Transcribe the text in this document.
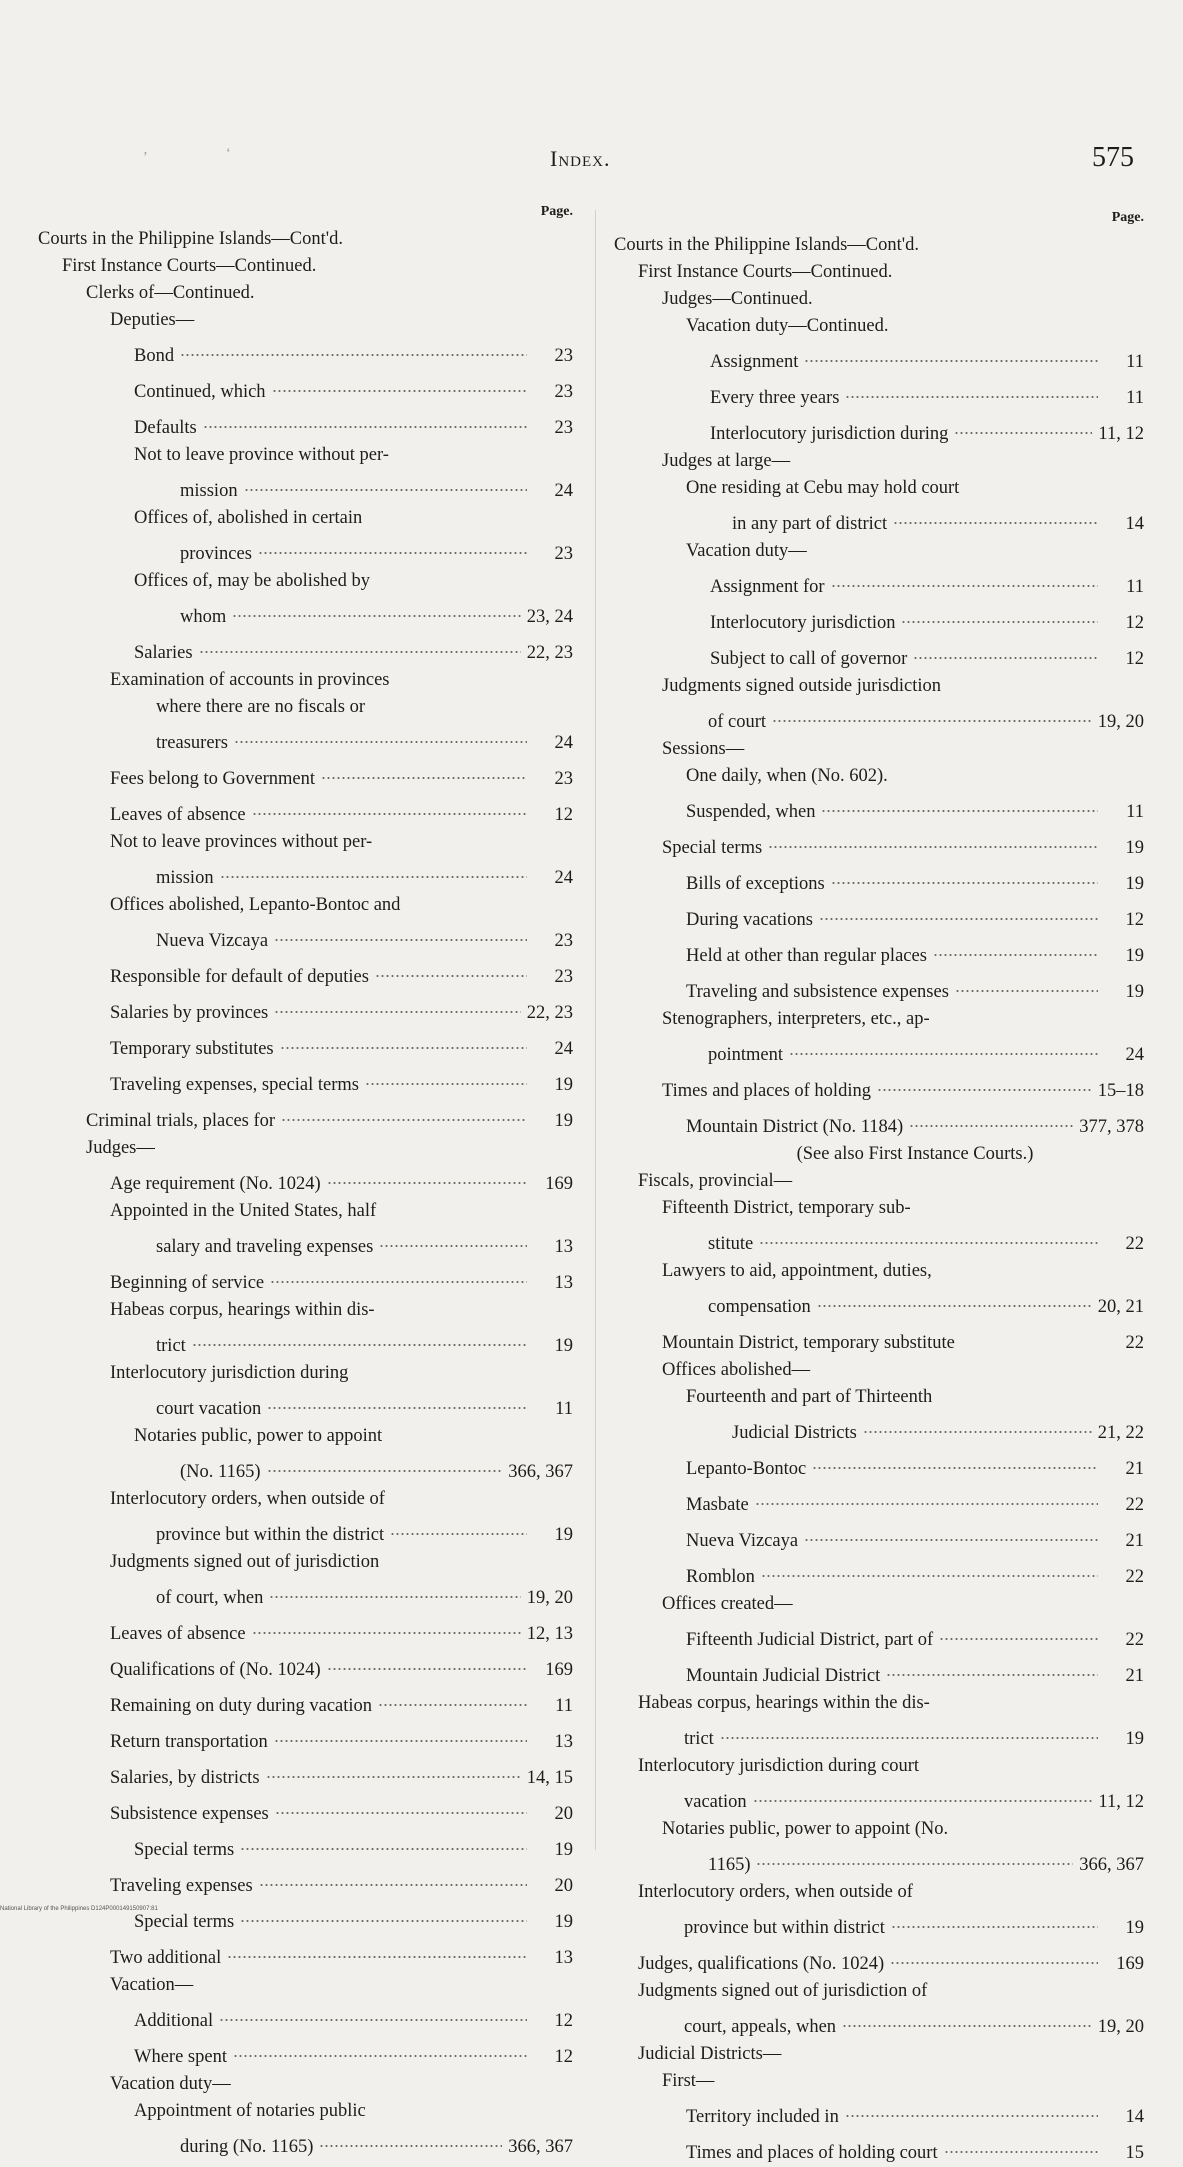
Index.	575
’	‘
Page.
Courts in the Philippine Islands—Cont'd.
First Instance Courts—Continued.
Clerks of—Continued.
Deputies—
Bond	23
Continued, which	23
Defaults	23
Not to leave province without per-
mission	24
Offices of, abolished in certain
provinces	23
Offices of, may be abolished by
whom	23, 24
Salaries	22, 23
Examination of accounts in provinces
where there are no fiscals or
treasurers	24
Fees belong to Government	23
Leaves of absence	12
Not to leave provinces without per-
mission	24
Offices abolished, Lepanto-Bontoc and
Nueva Vizcaya	23
Responsible for default of deputies	23
Salaries by provinces	22, 23
Temporary substitutes	24
Traveling expenses, special terms	19
Criminal trials, places for	19
Judges—
Age requirement (No. 1024)	169
Appointed in the United States, half
salary and traveling expenses	13
Beginning of service	13
Habeas corpus, hearings within dis-
trict	19
Interlocutory jurisdiction during
court vacation	11
Notaries public, power to appoint
(No. 1165)	366, 367
Interlocutory orders, when outside of
province but within the district	19
Judgments signed out of jurisdiction
of court, when	19, 20
Leaves of absence	12, 13
Qualifications of (No. 1024)	169
Remaining on duty during vacation	11
Return transportation	13
Salaries, by districts	14, 15
Subsistence expenses	20
Special terms	19
Traveling expenses	20
Special terms	19
Two additional	13
Vacation—
Additional	12
Where spent	12
Vacation duty—
Appointment of notaries public
during (No. 1165)	366, 367
Page.
Courts in the Philippine Islands—Cont'd.
First Instance Courts—Continued.
Judges—Continued.
Vacation duty—Continued.
Assignment	11
Every three years	11
Interlocutory jurisdiction during	11, 12
Judges at large—
One residing at Cebu may hold court
in any part of district	14
Vacation duty—
Assignment for	11
Interlocutory jurisdiction	12
Subject to call of governor	12
Judgments signed outside jurisdiction
of court	19, 20
Sessions—
One daily, when (No. 602).
Suspended, when	11
Special terms	19
Bills of exceptions	19
During vacations	12
Held at other than regular places	19
Traveling and subsistence expenses	19
Stenographers, interpreters, etc., ap-
pointment	24
Times and places of holding	15–18
Mountain District (No. 1184)	377, 378
(See also First Instance Courts.)
Fiscals, provincial—
Fifteenth District, temporary sub-
stitute	22
Lawyers to aid, appointment, duties,
compensation	20, 21
Mountain District, temporary substitute	22
Offices abolished—
Fourteenth and part of Thirteenth
Judicial Districts	21, 22
Lepanto-Bontoc	21
Masbate	22
Nueva Vizcaya	21
Romblon	22
Offices created—
Fifteenth Judicial District, part of	22
Mountain Judicial District	21
Habeas corpus, hearings within the dis-
trict	19
Interlocutory jurisdiction during court
vacation	11, 12
Notaries public, power to appoint (No.
1165)	366, 367
Interlocutory orders, when outside of
province but within district	19
Judges, qualifications (No. 1024)	169
Judgments signed out of jurisdiction of
court, appeals, when	19, 20
Judicial Districts—
First—
Territory included in	14
Times and places of holding court	15
National Library of the Philippines D124P000149150907:81
